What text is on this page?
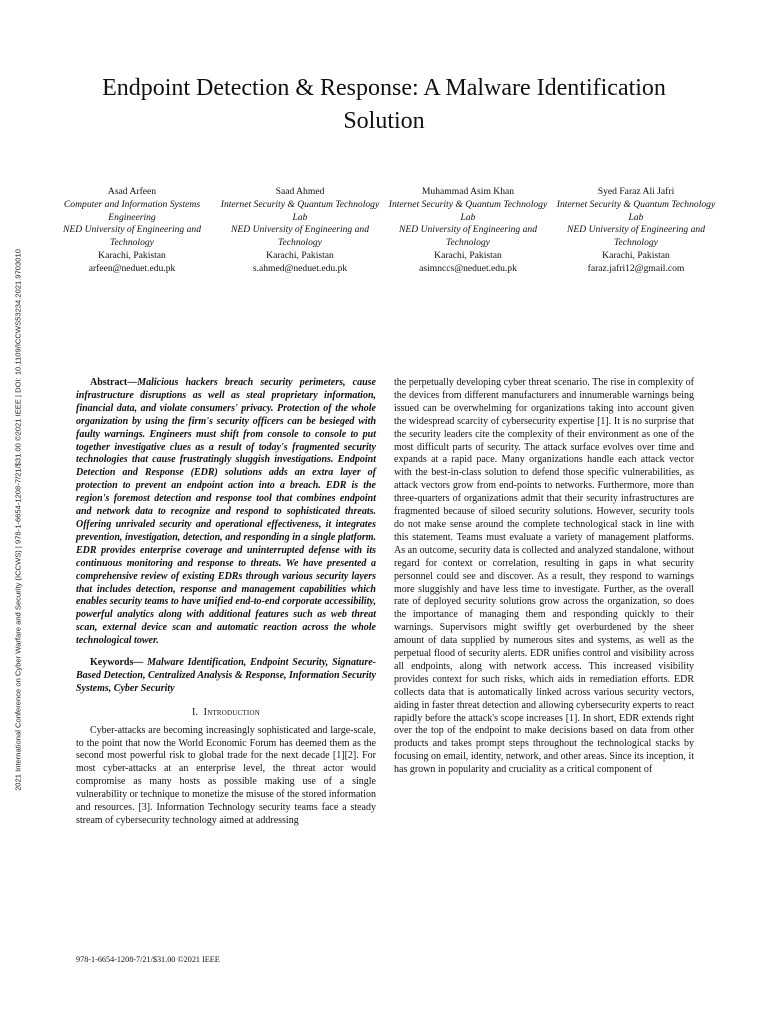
2021 International Conference on Cyber Warfare and Security (ICCWS) | 978-1-6654-1208-7/21/$31.00 ©2021 IEEE | DOI: 10.1109/ICCWS53234.2021.9703010
Endpoint Detection & Response: A Malware Identification Solution
Asad Arfeen
Computer and Information Systems Engineering
NED University of Engineering and Technology
Karachi, Pakistan
arfeen@neduet.edu.pk
Saad Ahmed
Internet Security & Quantum Technology Lab
NED University of Engineering and Technology
Karachi, Pakistan
s.ahmed@neduet.edu.pk
Muhammad Asim Khan
Internet Security & Quantum Technology Lab
NED University of Engineering and Technology
Karachi, Pakistan
asimnccs@neduet.edu.pk
Syed Faraz Ali Jafri
Internet Security & Quantum Technology Lab
NED University of Engineering and Technology
Karachi, Pakistan
faraz.jafri12@gmail.com

Abstract—Malicious hackers breach security perimeters, cause infrastructure disruptions as well as steal proprietary information, financial data, and violate consumers' privacy. Protection of the whole organization by using the firm's security officers can be besieged with faulty warnings. Engineers must shift from console to console to put together investigative clues as a result of today's fragmented security technologies that cause frustratingly sluggish investigations. Endpoint Detection and Response (EDR) solutions adds an extra layer of protection to prevent an endpoint action into a breach. EDR is the region's foremost detection and response tool that combines endpoint and network data to recognize and respond to sophisticated threats. Offering unrivaled security and operational effectiveness, it integrates prevention, investigation, detection, and responding in a single platform. EDR provides enterprise coverage and uninterrupted defense with its continuous monitoring and response to threats. We have presented a comprehensive review of existing EDRs through various security layers that includes detection, response and management capabilities which enables security teams to have unified end-to-end corporate accessibility, powerful analytics along with additional features such as web threat scan, external device scan and automatic reaction across the whole technological tower.

Keywords— Malware Identification, Endpoint Security, Signature-Based Detection, Centralized Analysis & Response, Information Security Systems, Cyber Security

I. Introduction

Cyber-attacks are becoming increasingly sophisticated and large-scale, to the point that now the World Economic Forum has deemed them as the second most powerful risk to global trade for the next decade [1][2]. For most cyber-attacks at an enterprise level, the threat actor would compromise as many hosts as possible making use of a single vulnerability or technique to monetize the misuse of the stored information and resources. [3]. Information Technology security teams face a steady stream of cybersecurity technology aimed at addressing

the perpetually developing cyber threat scenario. The rise in complexity of the devices from different manufacturers and innumerable warnings being issued can be overwhelming for organizations taking into account given the widespread scarcity of cybersecurity expertise [1]. It is no surprise that the security leaders cite the complexity of their environment as one of the most difficult parts of security. The attack surface evolves over time and expands at a rapid pace. Many organizations handle each attack vector with the best-in-class solution to defend those specific vulnerabilities, as attack vectors grow from end-points to networks. Furthermore, more than three-quarters of organizations admit that their security infrastructures are fragmented because of siloed security solutions. However, security tools do not make sense around the complete technological stack in line with this statement. Teams must evaluate a variety of management platforms. As an outcome, security data is collected and analyzed standalone, without regard for context or correlation, resulting in gaps in what security personnel could see and discover. As a result, they respond to warnings more sluggishly and have less time to investigate. Further, as the overall rate of deployed security solutions grow across the organization, so does the importance of managing them and responding quickly to their warnings. Supervisors might swiftly get overburdened by the sheer amount of data supplied by numerous sites and systems, as well as the perpetual flood of security alerts. EDR unifies control and visibility across all endpoints, along with network access. This increased visibility provides context for such risks, which aids in remediation efforts. EDR collects data that is automatically linked across various security vectors, aiding in faster threat detection and allowing cybersecurity experts to react rapidly before the attack's scope increases [1]. In short, EDR extends right over the top of the endpoint to make decisions based on data from other products and takes prompt steps throughout the technological stacks by focusing on email, identity, network, and other areas. Since its inception, it has grown in popularity and cruciality as a critical component of

978-1-6654-1208-7/21/$31.00 ©2021 IEEE
